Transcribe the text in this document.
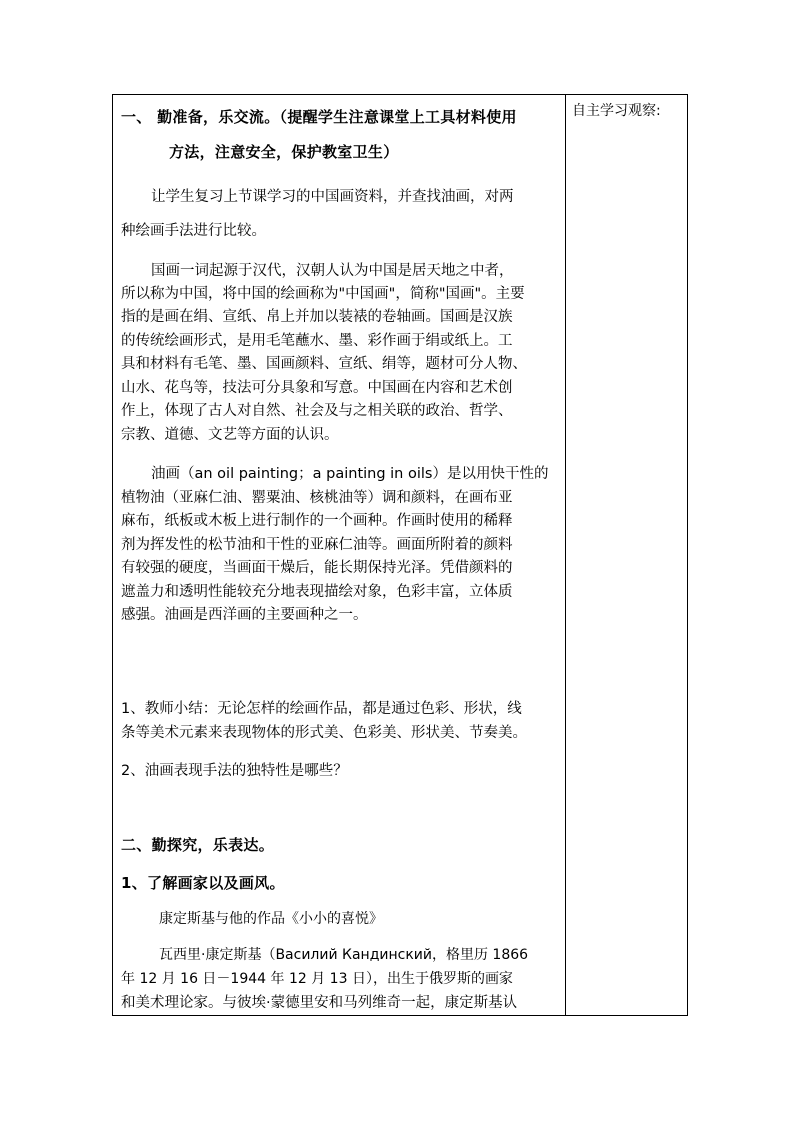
一、 勤准备，乐交流。（提醒学生注意课堂上工具材料使用
方法，注意安全，保护教室卫生）
让学生复习上节课学习的中国画资料，并查找油画，对两
种绘画手法进行比较。
国画一词起源于汉代，汉朝人认为中国是居天地之中者，
所以称为中国，将中国的绘画称为"中国画"，简称"国画"。主要
指的是画在绢、宣纸、帛上并加以装裱的卷轴画。国画是汉族
的传统绘画形式，是用毛笔蘸水、墨、彩作画于绢或纸上。工
具和材料有毛笔、墨、国画颜料、宣纸、绢等，题材可分人物、
山水、花鸟等，技法可分具象和写意。中国画在内容和艺术创
作上，体现了古人对自然、社会及与之相关联的政治、哲学、
宗教、道德、文艺等方面的认识。
油画（an oil painting；a painting in oils）是以用快干性的
植物油（亚麻仁油、罂粟油、核桃油等）调和颜料，在画布亚
麻布，纸板或木板上进行制作的一个画种。作画时使用的稀释
剂为挥发性的松节油和干性的亚麻仁油等。画面所附着的颜料
有较强的硬度，当画面干燥后，能长期保持光泽。凭借颜料的
遮盖力和透明性能较充分地表现描绘对象，色彩丰富，立体质
感强。油画是西洋画的主要画种之一。
1、教师小结：无论怎样的绘画作品，都是通过色彩、形状，线
条等美术元素来表现物体的形式美、色彩美、形状美、节奏美。
2、油画表现手法的独特性是哪些？
二、勤探究，乐表达。
1、了解画家以及画风。
康定斯基与他的作品《小小的喜悦》
瓦西里·康定斯基（Василий Кандинский，格里历 1866
年 12 月 16 日－1944 年 12 月 13 日），出生于俄罗斯的画家
和美术理论家。与彼埃·蒙德里安和马列维奇一起，康定斯基认
自主学习观察:
